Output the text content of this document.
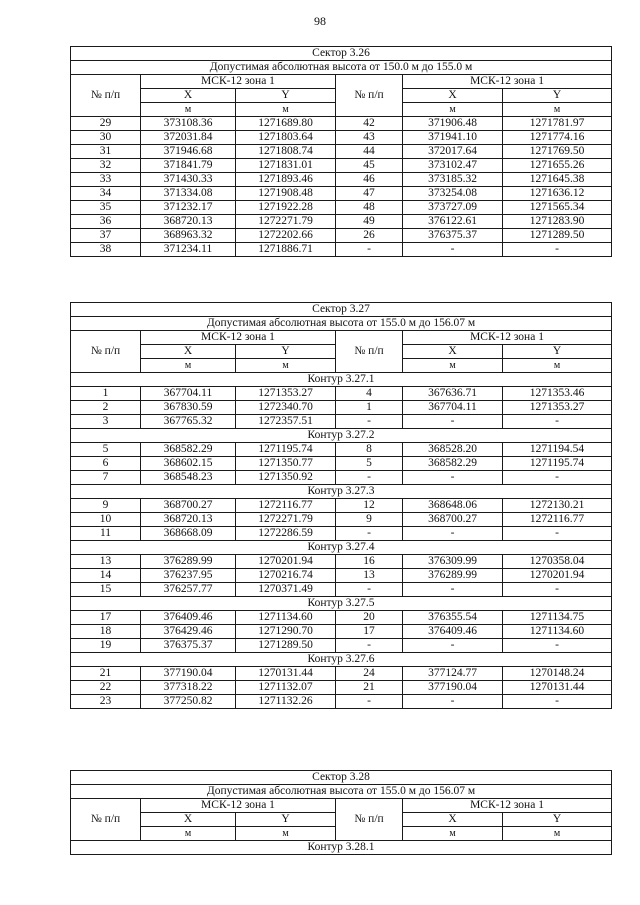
98
Сектор 3.26					
Допустимая абсолютная высота от 150.0 м до 155.0 м					
№ п/п	МСК-12 зона 1		№ п/п	МСК-12 зона 1	
	X	Y		X	Y
	м	м		м	м
29	373108.36	1271689.80	42	371906.48	1271781.97
30	372031.84	1271803.64	43	371941.10	1271774.16
31	371946.68	1271808.74	44	372017.64	1271769.50
32	371841.79	1271831.01	45	373102.47	1271655.26
33	371430.33	1271893.46	46	373185.32	1271645.38
34	371334.08	1271908.48	47	373254.08	1271636.12
35	371232.17	1271922.28	48	373727.09	1271565.34
36	368720.13	1272271.79	49	376122.61	1271283.90
37	368963.32	1272202.66	26	376375.37	1271289.50
38	371234.11	1271886.71	-	-	-
Сектор 3.27					
Допустимая абсолютная высота от 155.0 м до 156.07 м					
№ п/п	МСК-12 зона 1		№ п/п	МСК-12 зона 1	
	X	Y		X	Y
	м	м		м	м
Контур 3.27.1					
1	367704.11	1271353.27	4	367636.71	1271353.46
2	367830.59	1272340.70	1	367704.11	1271353.27
3	367765.32	1272357.51	-	-	-
Контур 3.27.2					
5	368582.29	1271195.74	8	368528.20	1271194.54
6	368602.15	1271350.77	5	368582.29	1271195.74
7	368548.23	1271350.92	-	-	-
Контур 3.27.3					
9	368700.27	1272116.77	12	368648.06	1272130.21
10	368720.13	1272271.79	9	368700.27	1272116.77
11	368668.09	1272286.59	-	-	-
Контур 3.27.4					
13	376289.99	1270201.94	16	376309.99	1270358.04
14	376237.95	1270216.74	13	376289.99	1270201.94
15	376257.77	1270371.49	-	-	-
Контур 3.27.5					
17	376409.46	1271134.60	20	376355.54	1271134.75
18	376429.46	1271290.70	17	376409.46	1271134.60
19	376375.37	1271289.50	-	-	-
Контур 3.27.6					
21	377190.04	1270131.44	24	377124.77	1270148.24
22	377318.22	1271132.07	21	377190.04	1270131.44
23	377250.82	1271132.26	-	-	-
Сектор 3.28					
Допустимая абсолютная высота от 155.0 м до 156.07 м					
№ п/п	МСК-12 зона 1		№ п/п	МСК-12 зона 1	
	X	Y		X	Y
	м	м		м	м
Контур 3.28.1					
